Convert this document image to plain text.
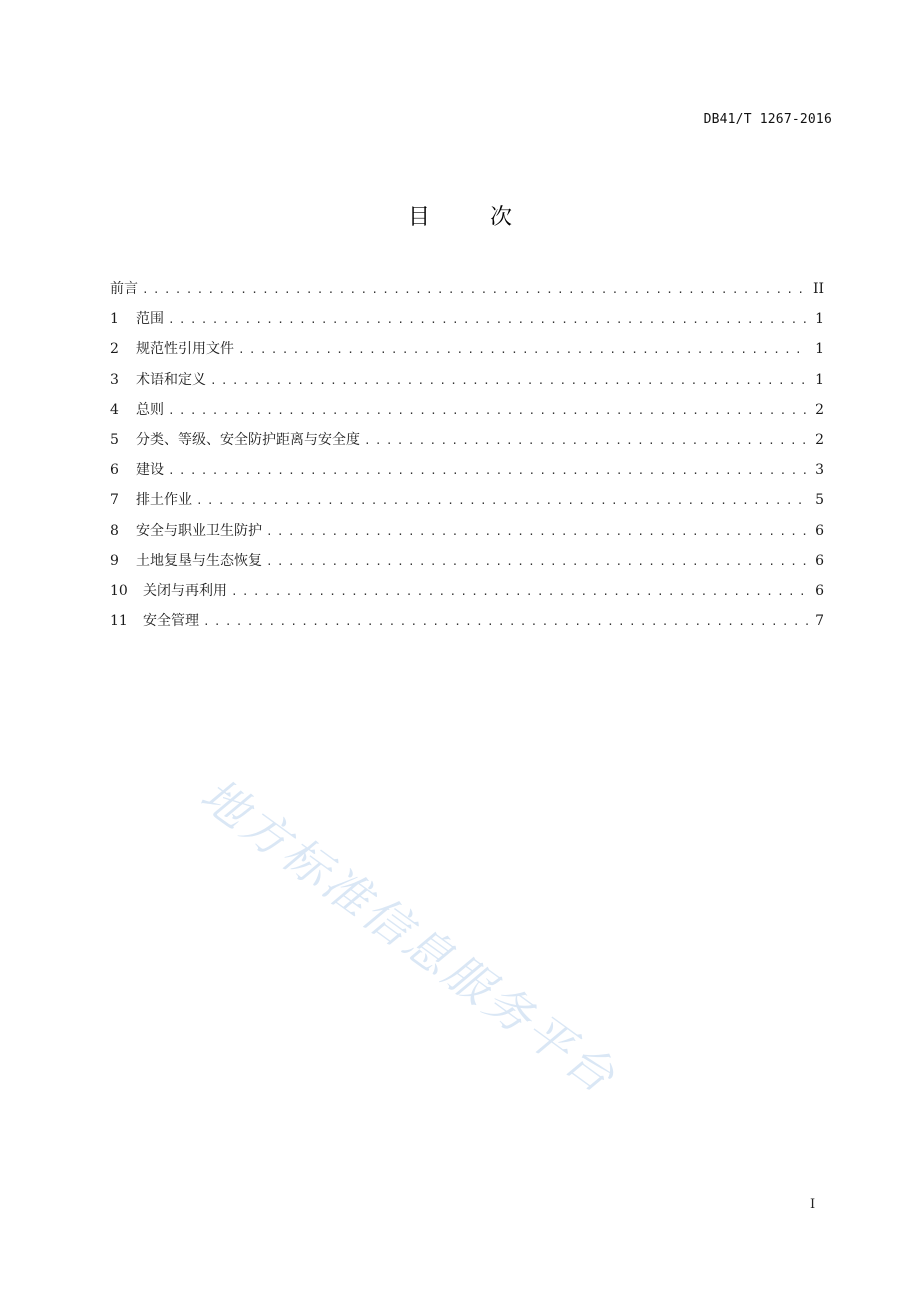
DB41/T 1267-2016
目	次
前言 .....	II
1	范围 .....	1
2	规范性引用文件 .....	1
3	术语和定义 .....	1
4	总则 .....	2
5	分类、等级、安全防护距离与安全度 .....	2
6	建设 .....	3
7	排土作业 .....	5
8	安全与职业卫生防护 .....	6
9	土地复垦与生态恢复 .....	6
10	关闭与再利用 .....	6
11	安全管理 .....	7
地方标准信息服务平台
I
